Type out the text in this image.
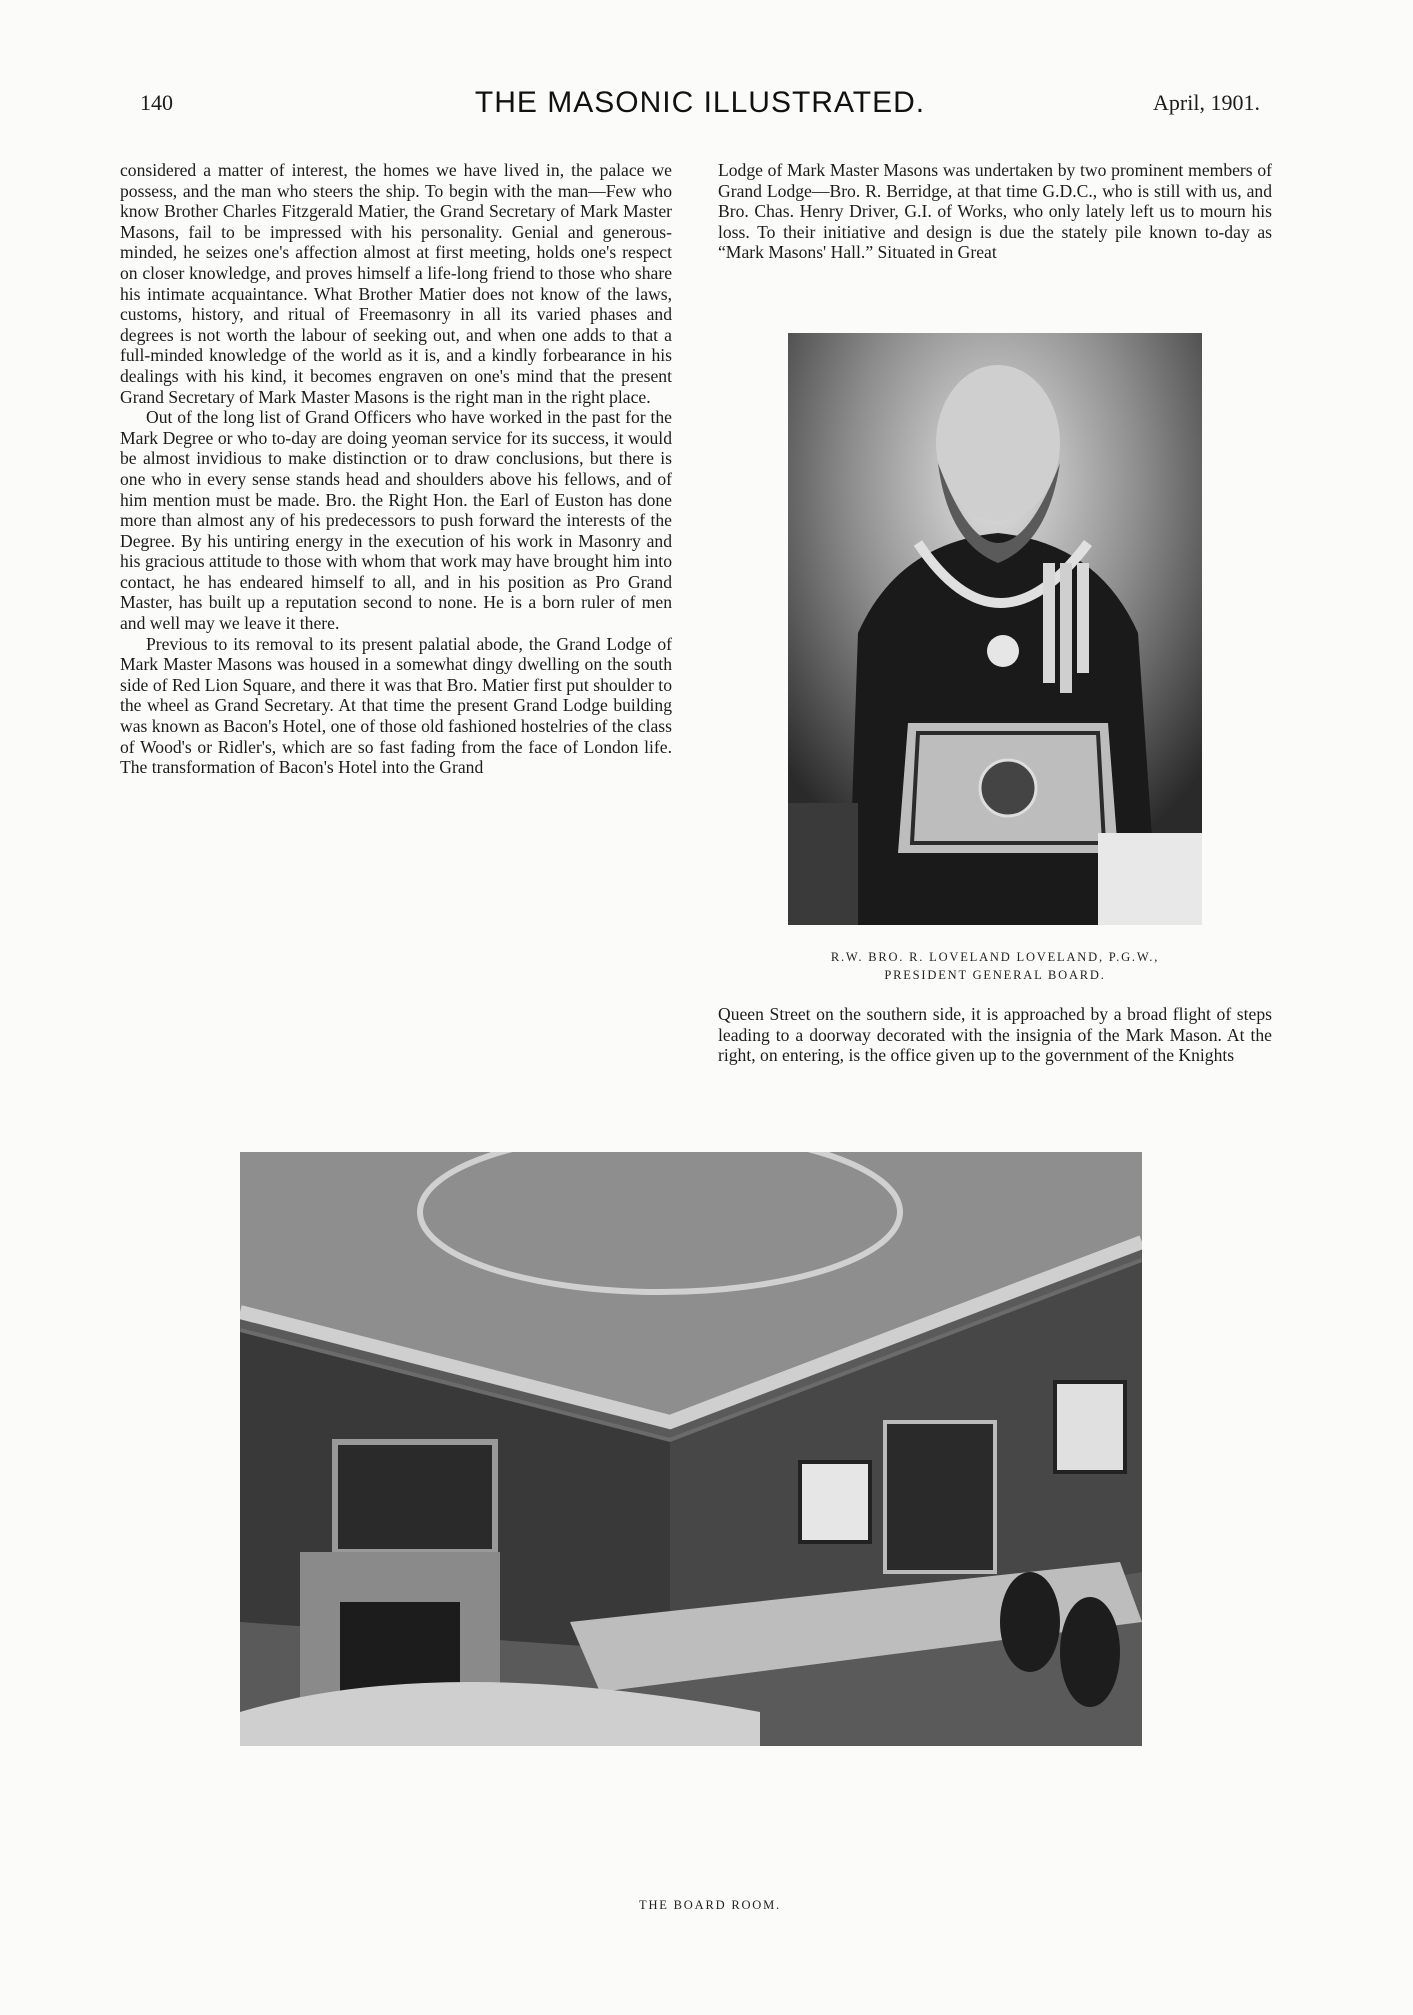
140	THE MASONIC ILLUSTRATED.	April, 1901.

considered a matter of interest, the homes we have lived in, the palace we possess, and the man who steers the ship. To begin with the man—Few who know Brother Charles Fitzgerald Matier, the Grand Secretary of Mark Master Masons, fail to be impressed with his personality. Genial and generous-minded, he seizes one's affection almost at first meeting, holds one's respect on closer knowledge, and proves himself a life-long friend to those who share his intimate acquaintance. What Brother Matier does not know of the laws, customs, history, and ritual of Freemasonry in all its varied phases and degrees is not worth the labour of seeking out, and when one adds to that a full-minded knowledge of the world as it is, and a kindly forbearance in his dealings with his kind, it becomes engraven on one's mind that the present Grand Secretary of Mark Master Masons is the right man in the right place.

Out of the long list of Grand Officers who have worked in the past for the Mark Degree or who to-day are doing yeoman service for its success, it would be almost invidious to make distinction or to draw conclusions, but there is one who in every sense stands head and shoulders above his fellows, and of him mention must be made. Bro. the Right Hon. the Earl of Euston has done more than almost any of his predecessors to push forward the interests of the Degree. By his untiring energy in the execution of his work in Masonry and his gracious attitude to those with whom that work may have brought him into contact, he has endeared himself to all, and in his position as Pro Grand Master, has built up a reputation second to none. He is a born ruler of men and well may we leave it there.

Previous to its removal to its present palatial abode, the Grand Lodge of Mark Master Masons was housed in a somewhat dingy dwelling on the south side of Red Lion Square, and there it was that Bro. Matier first put shoulder to the wheel as Grand Secretary. At that time the present Grand Lodge building was known as Bacon's Hotel, one of those old fashioned hostelries of the class of Wood's or Ridler's, which are so fast fading from the face of London life. The transformation of Bacon's Hotel into the Grand

Lodge of Mark Master Masons was undertaken by two prominent members of Grand Lodge—Bro. R. Berridge, at that time G.D.C., who is still with us, and Bro. Chas. Henry Driver, G.I. of Works, who only lately left us to mourn his loss. To their initiative and design is due the stately pile known to-day as “Mark Masons' Hall.” Situated in Great

R.W. BRO. R. LOVELAND LOVELAND, P.G.W.,
PRESIDENT GENERAL BOARD.

Queen Street on the southern side, it is approached by a broad flight of steps leading to a doorway decorated with the insignia of the Mark Mason. At the right, on entering, is the office given up to the government of the Knights

THE BOARD ROOM.
